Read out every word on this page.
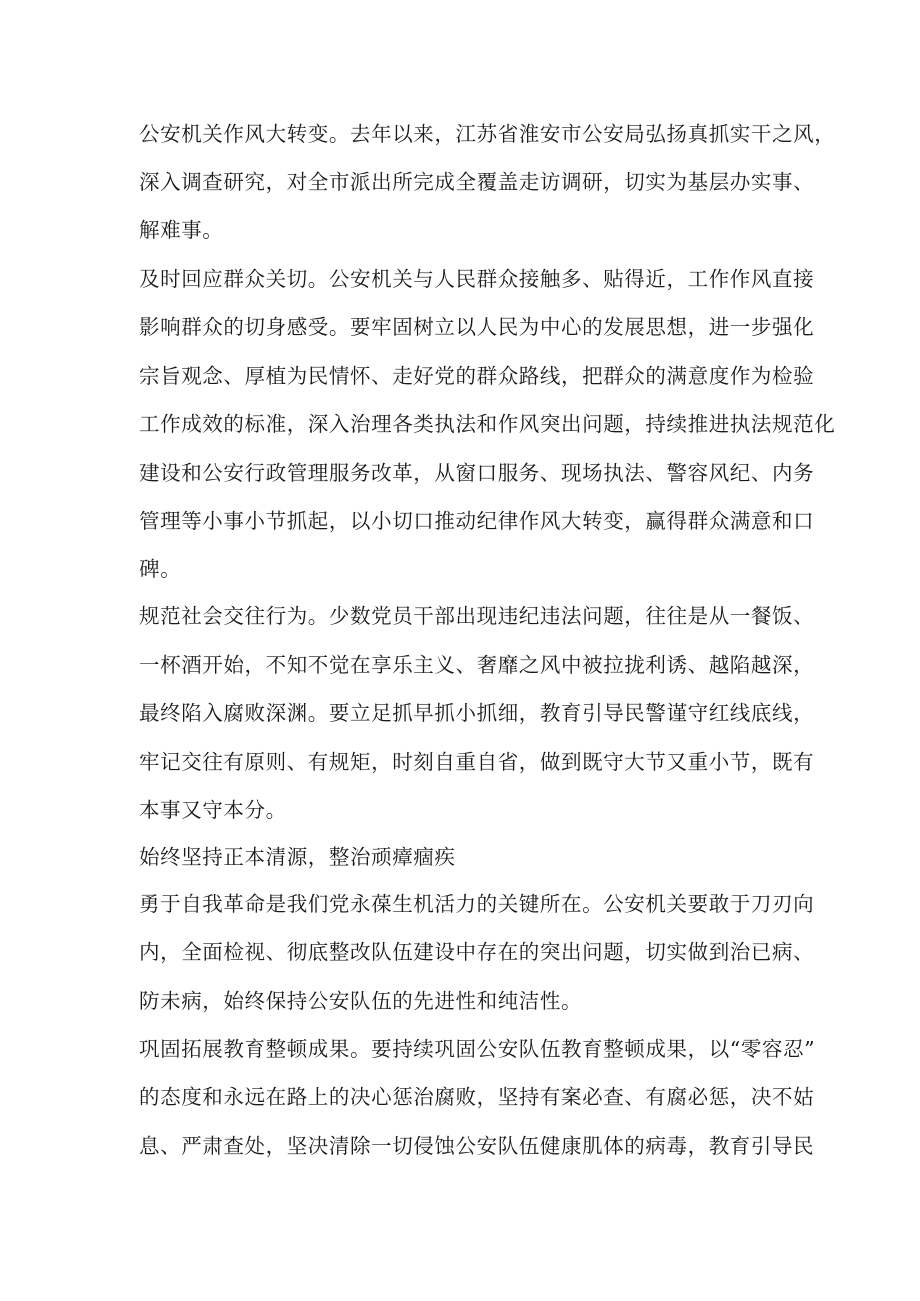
公安机关作风大转变。去年以来，江苏省淮安市公安局弘扬真抓实干之风，
深入调查研究，对全市派出所完成全覆盖走访调研，切实为基层办实事、
解难事。
及时回应群众关切。公安机关与人民群众接触多、贴得近，工作作风直接
影响群众的切身感受。要牢固树立以人民为中心的发展思想，进一步强化
宗旨观念、厚植为民情怀、走好党的群众路线，把群众的满意度作为检验
工作成效的标准，深入治理各类执法和作风突出问题，持续推进执法规范化
建设和公安行政管理服务改革，从窗口服务、现场执法、警容风纪、内务
管理等小事小节抓起，以小切口推动纪律作风大转变，赢得群众满意和口
碑。
规范社会交往行为。少数党员干部出现违纪违法问题，往往是从一餐饭、
一杯酒开始，不知不觉在享乐主义、奢靡之风中被拉拢利诱、越陷越深，
最终陷入腐败深渊。要立足抓早抓小抓细，教育引导民警谨守红线底线，
牢记交往有原则、有规矩，时刻自重自省，做到既守大节又重小节，既有
本事又守本分。
始终坚持正本清源，整治顽瘴痼疾
勇于自我革命是我们党永葆生机活力的关键所在。公安机关要敢于刀刃向
内，全面检视、彻底整改队伍建设中存在的突出问题，切实做到治已病、
防未病，始终保持公安队伍的先进性和纯洁性。
巩固拓展教育整顿成果。要持续巩固公安队伍教育整顿成果，以“零容忍”
的态度和永远在路上的决心惩治腐败，坚持有案必查、有腐必惩，决不姑
息、严肃查处，坚决清除一切侵蚀公安队伍健康肌体的病毒，教育引导民
